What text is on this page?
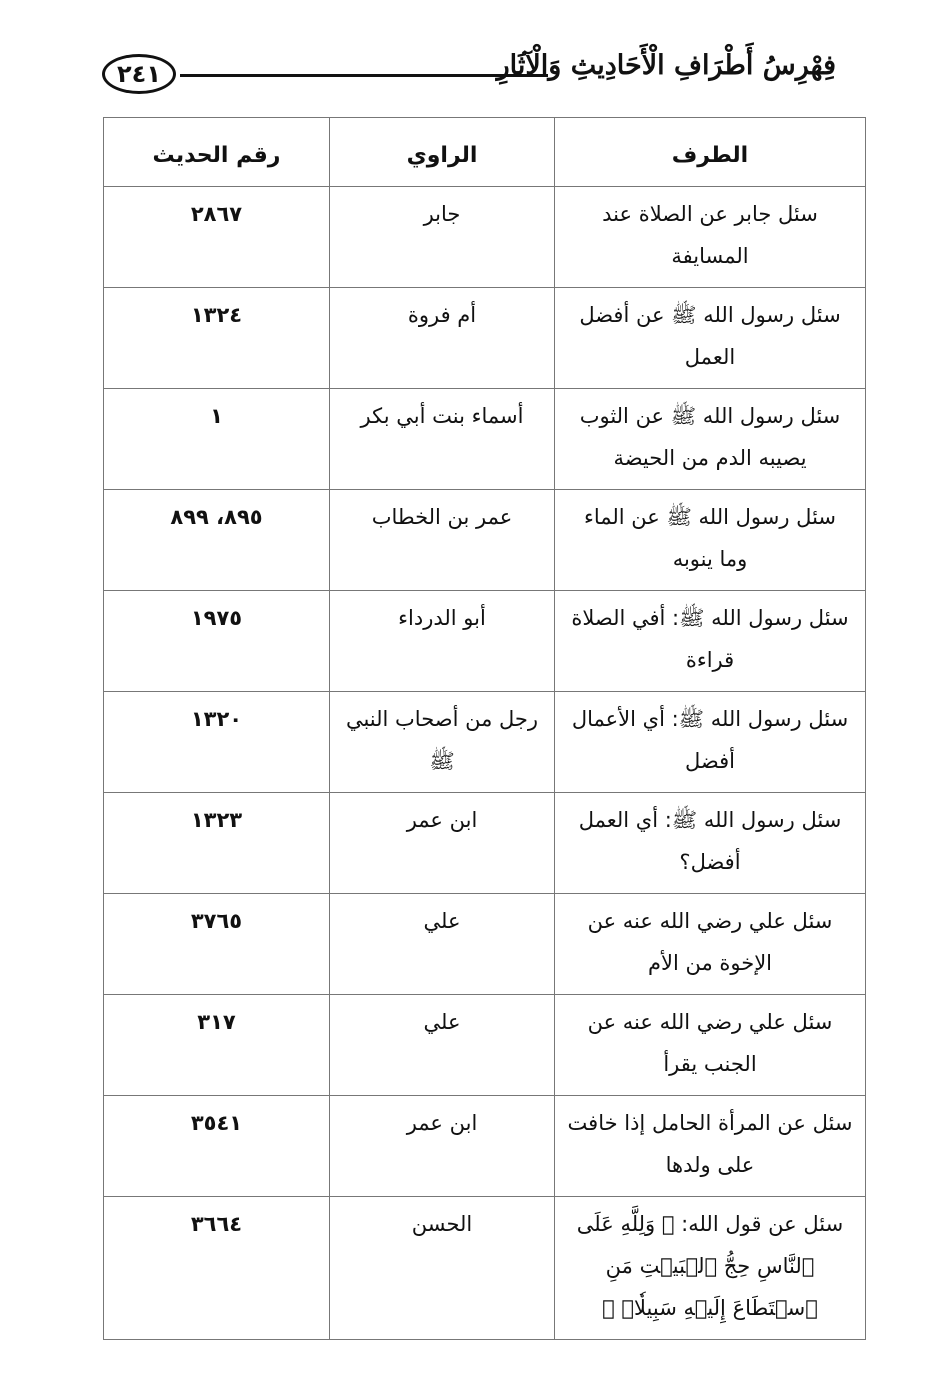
٢٤١	فِهْرِسُ أَطْرَافِ الْأَحَادِيثِ وَالْآثَارِ
الطرف	الراوي	رقم الحديث
سئل جابر عن الصلاة عند المسايفة	جابر	٢٨٦٧
سئل رسول الله ﷺ عن أفضل العمل	أم فروة	١٣٢٤
سئل رسول الله ﷺ عن الثوب يصيبه الدم من الحيضة	أسماء بنت أبي بكر	١
سئل رسول الله ﷺ عن الماء وما ينوبه	عمر بن الخطاب	٨٩٥، ٨٩٩
سئل رسول الله ﷺ: أفي الصلاة قراءة	أبو الدرداء	١٩٧٥
سئل رسول الله ﷺ: أي الأعمال أفضل	رجل من أصحاب النبي ﷺ	١٣٢٠
سئل رسول الله ﷺ: أي العمل أفضل؟	ابن عمر	١٣٢٣
سئل علي رضي الله عنه عن الإخوة من الأم	علي	٣٧٦٥
سئل علي رضي الله عنه عن الجنب يقرأ	علي	٣١٧
سئل عن المرأة الحامل إذا خافت على ولدها	ابن عمر	٣٥٤١
سئل عن قول الله: ﴿ وَلِلَّهِ عَلَى ٱلنَّاسِ حِجُّ ٱلۡبَيۡتِ مَنِ ٱسۡتَطَاعَ إِلَيۡهِ سَبِيلٗاۚ ﴾	الحسن	٣٦٦٤
